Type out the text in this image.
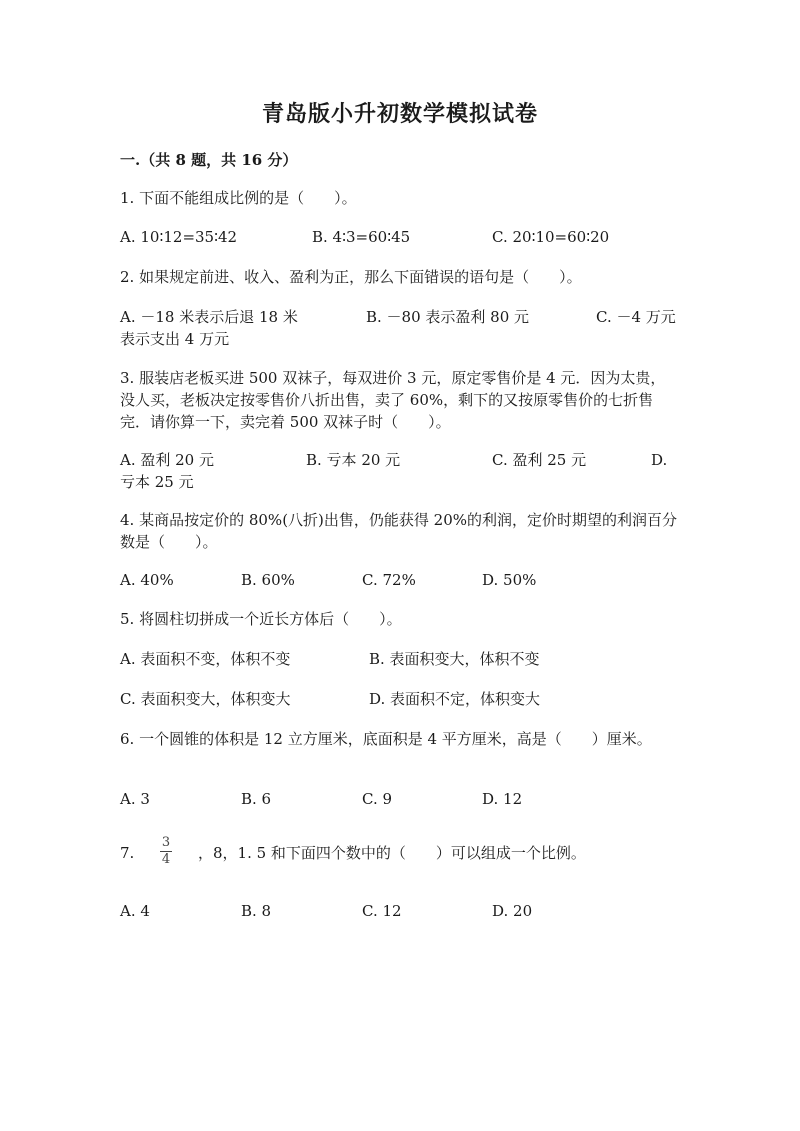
青岛版小升初数学模拟试卷
一.（共 8 题，共 16 分）
1. 下面不能组成比例的是（　　）。
A. 10∶12=35∶42	B. 4∶3=60∶45	C. 20∶10=60∶20
2. 如果规定前进、收入、盈利为正，那么下面错误的语句是（　　）。
A. －18 米表示后退 18 米	B. －80 表示盈利 80 元	C. －4 万元
表示支出 4 万元
3. 服装店老板买进 500 双袜子，每双进价 3 元，原定零售价是 4 元．因为太贵，没人买，老板决定按零售价八折出售，卖了 60%，剩下的又按原零售价的七折售完．请你算一下，卖完着 500 双袜子时（　　）。
A. 盈利 20 元	B. 亏本 20 元	C. 盈利 25 元	D.
亏本 25 元
4. 某商品按定价的 80%(八折)出售，仍能获得 20%的利润，定价时期望的利润百分数是（　　）。
A. 40%	B. 60%	C. 72%	D. 50%
5. 将圆柱切拼成一个近长方体后（　　）。
A. 表面积不变，体积不变	B. 表面积变大，体积不变
C. 表面积变大，体积变大	D. 表面积不定，体积变大
6. 一个圆锥的体积是 12 立方厘米，底面积是 4 平方厘米，高是（　　）厘米。
A. 3	B. 6	C. 9	D. 12
7.
3
4 ，8，1. 5 和下面四个数中的（　　）可以组成一个比例。
A. 4	B. 8	C. 12	D. 20
